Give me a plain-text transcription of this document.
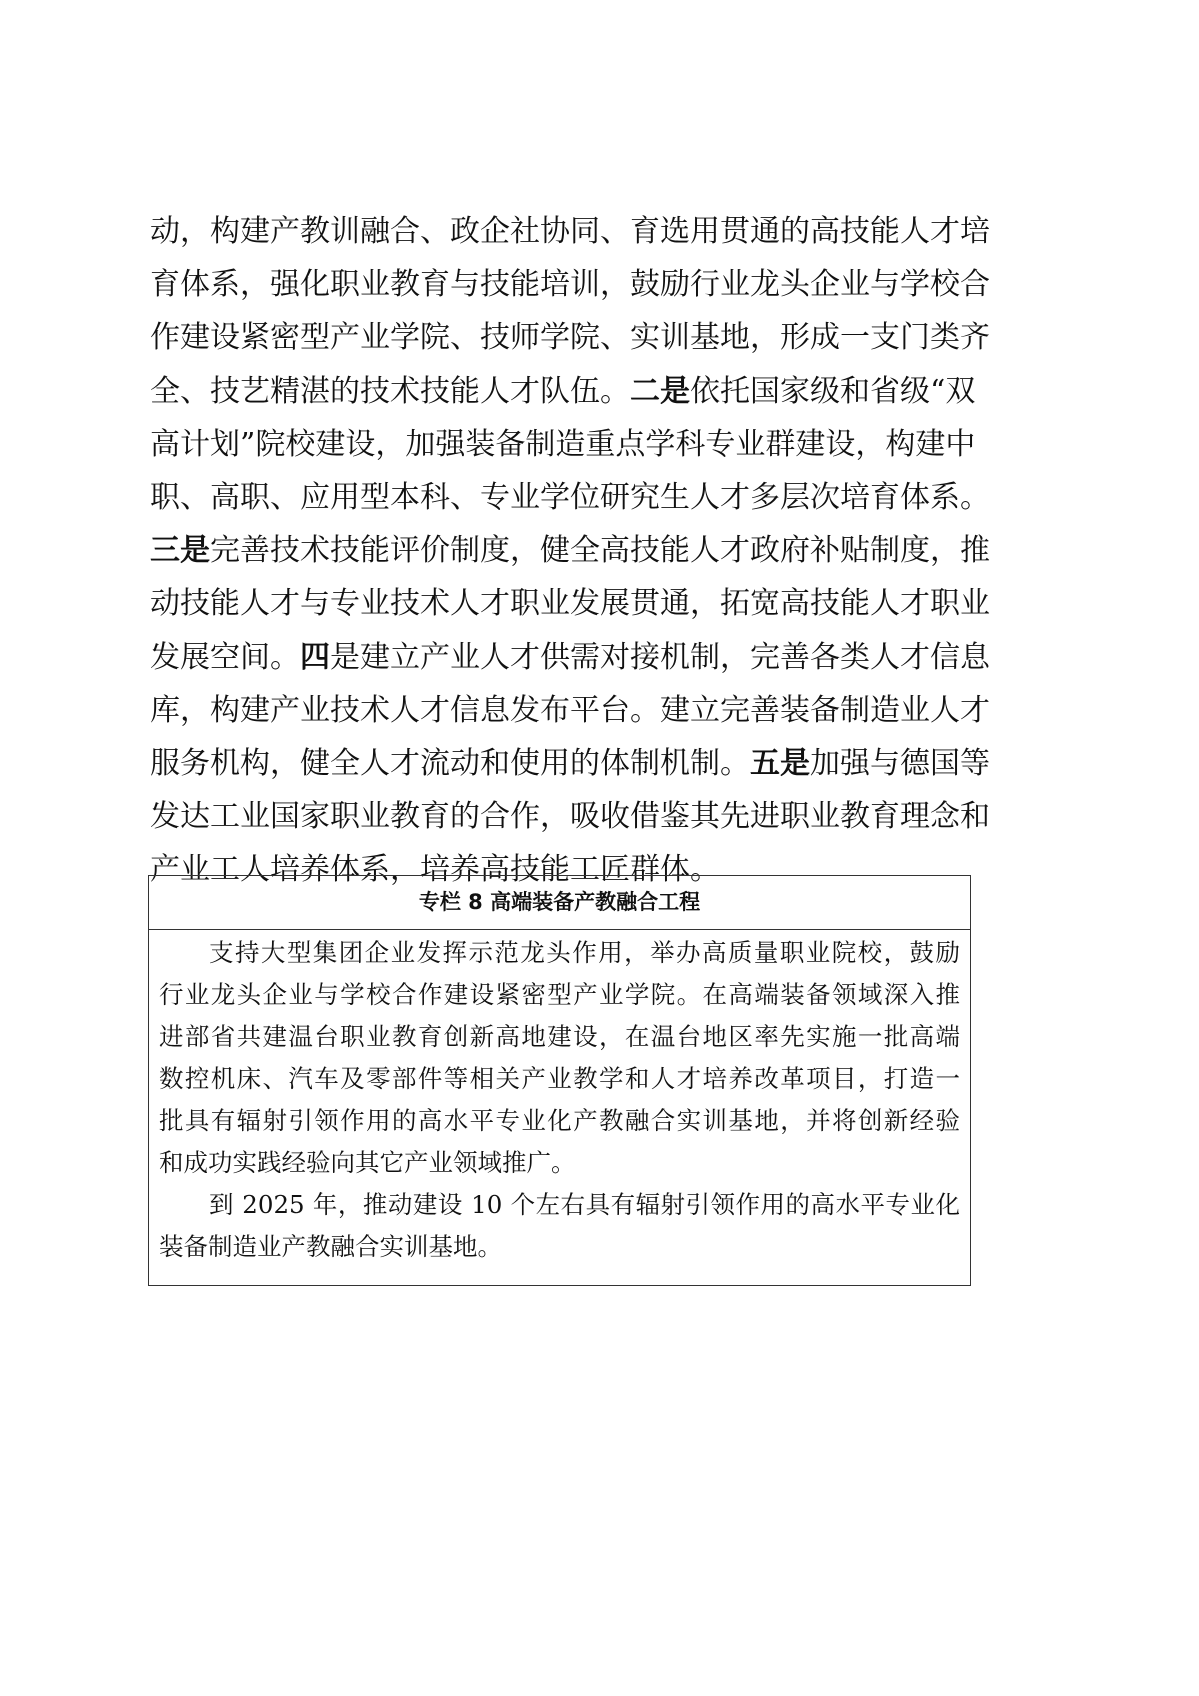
动，构建产教训融合、政企社协同、育选用贯通的高技能人才培
育体系，强化职业教育与技能培训，鼓励行业龙头企业与学校合
作建设紧密型产业学院、技师学院、实训基地，形成一支门类齐
全、技艺精湛的技术技能人才队伍。二是依托国家级和省级“双
高计划”院校建设，加强装备制造重点学科专业群建设，构建中
职、高职、应用型本科、专业学位研究生人才多层次培育体系。
三是完善技术技能评价制度，健全高技能人才政府补贴制度，推
动技能人才与专业技术人才职业发展贯通，拓宽高技能人才职业
发展空间。四是建立产业人才供需对接机制，完善各类人才信息
库，构建产业技术人才信息发布平台。建立完善装备制造业人才
服务机构，健全人才流动和使用的体制机制。五是加强与德国等
发达工业国家职业教育的合作，吸收借鉴其先进职业教育理念和
产业工人培养体系，培养高技能工匠群体。
专栏 8 高端装备产教融合工程
支持大型集团企业发挥示范龙头作用，举办高质量职业院校，鼓励
行业龙头企业与学校合作建设紧密型产业学院。在高端装备领域深入推
进部省共建温台职业教育创新高地建设，在温台地区率先实施一批高端
数控机床、汽车及零部件等相关产业教学和人才培养改革项目，打造一
批具有辐射引领作用的高水平专业化产教融合实训基地，并将创新经验
和成功实践经验向其它产业领域推广。
到 2025 年，推动建设 10 个左右具有辐射引领作用的高水平专业化
装备制造业产教融合实训基地。
